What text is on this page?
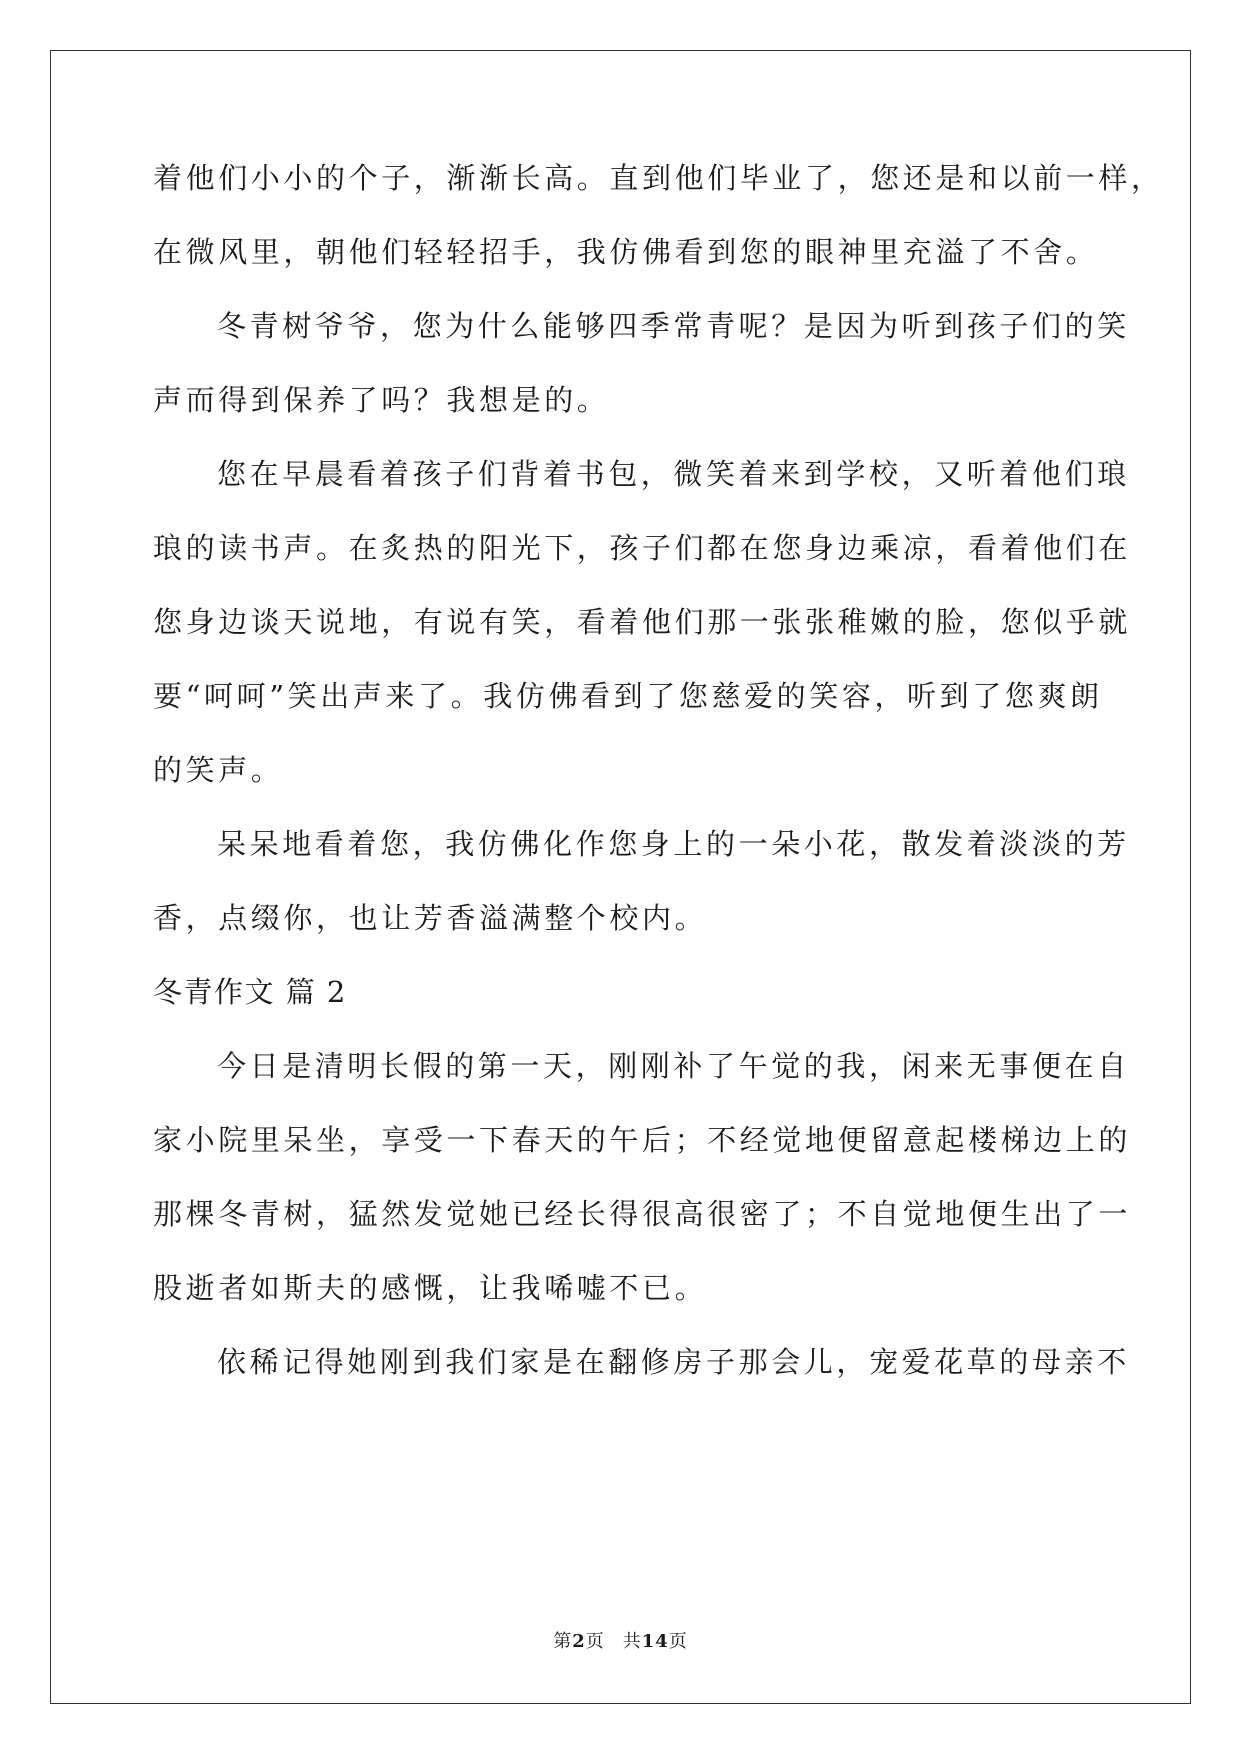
着他们小小的个子，渐渐长高。直到他们毕业了，您还是和以前一样，
在微风里，朝他们轻轻招手，我仿佛看到您的眼神里充溢了不舍。
冬青树爷爷，您为什么能够四季常青呢？是因为听到孩子们的笑
声而得到保养了吗？我想是的。
您在早晨看着孩子们背着书包，微笑着来到学校，又听着他们琅
琅的读书声。在炙热的阳光下，孩子们都在您身边乘凉，看着他们在
您身边谈天说地，有说有笑，看着他们那一张张稚嫩的脸，您似乎就
要“呵呵”笑出声来了。我仿佛看到了您慈爱的笑容，听到了您爽朗
的笑声。
呆呆地看着您，我仿佛化作您身上的一朵小花，散发着淡淡的芳
香，点缀你，也让芳香溢满整个校内。
冬青作文 篇 2
今日是清明长假的第一天，刚刚补了午觉的我，闲来无事便在自
家小院里呆坐，享受一下春天的午后；不经觉地便留意起楼梯边上的
那棵冬青树，猛然发觉她已经长得很高很密了；不自觉地便生出了一
股逝者如斯夫的感慨，让我唏嘘不已。
依稀记得她刚到我们家是在翻修房子那会儿，宠爱花草的母亲不
第2页 共14页
